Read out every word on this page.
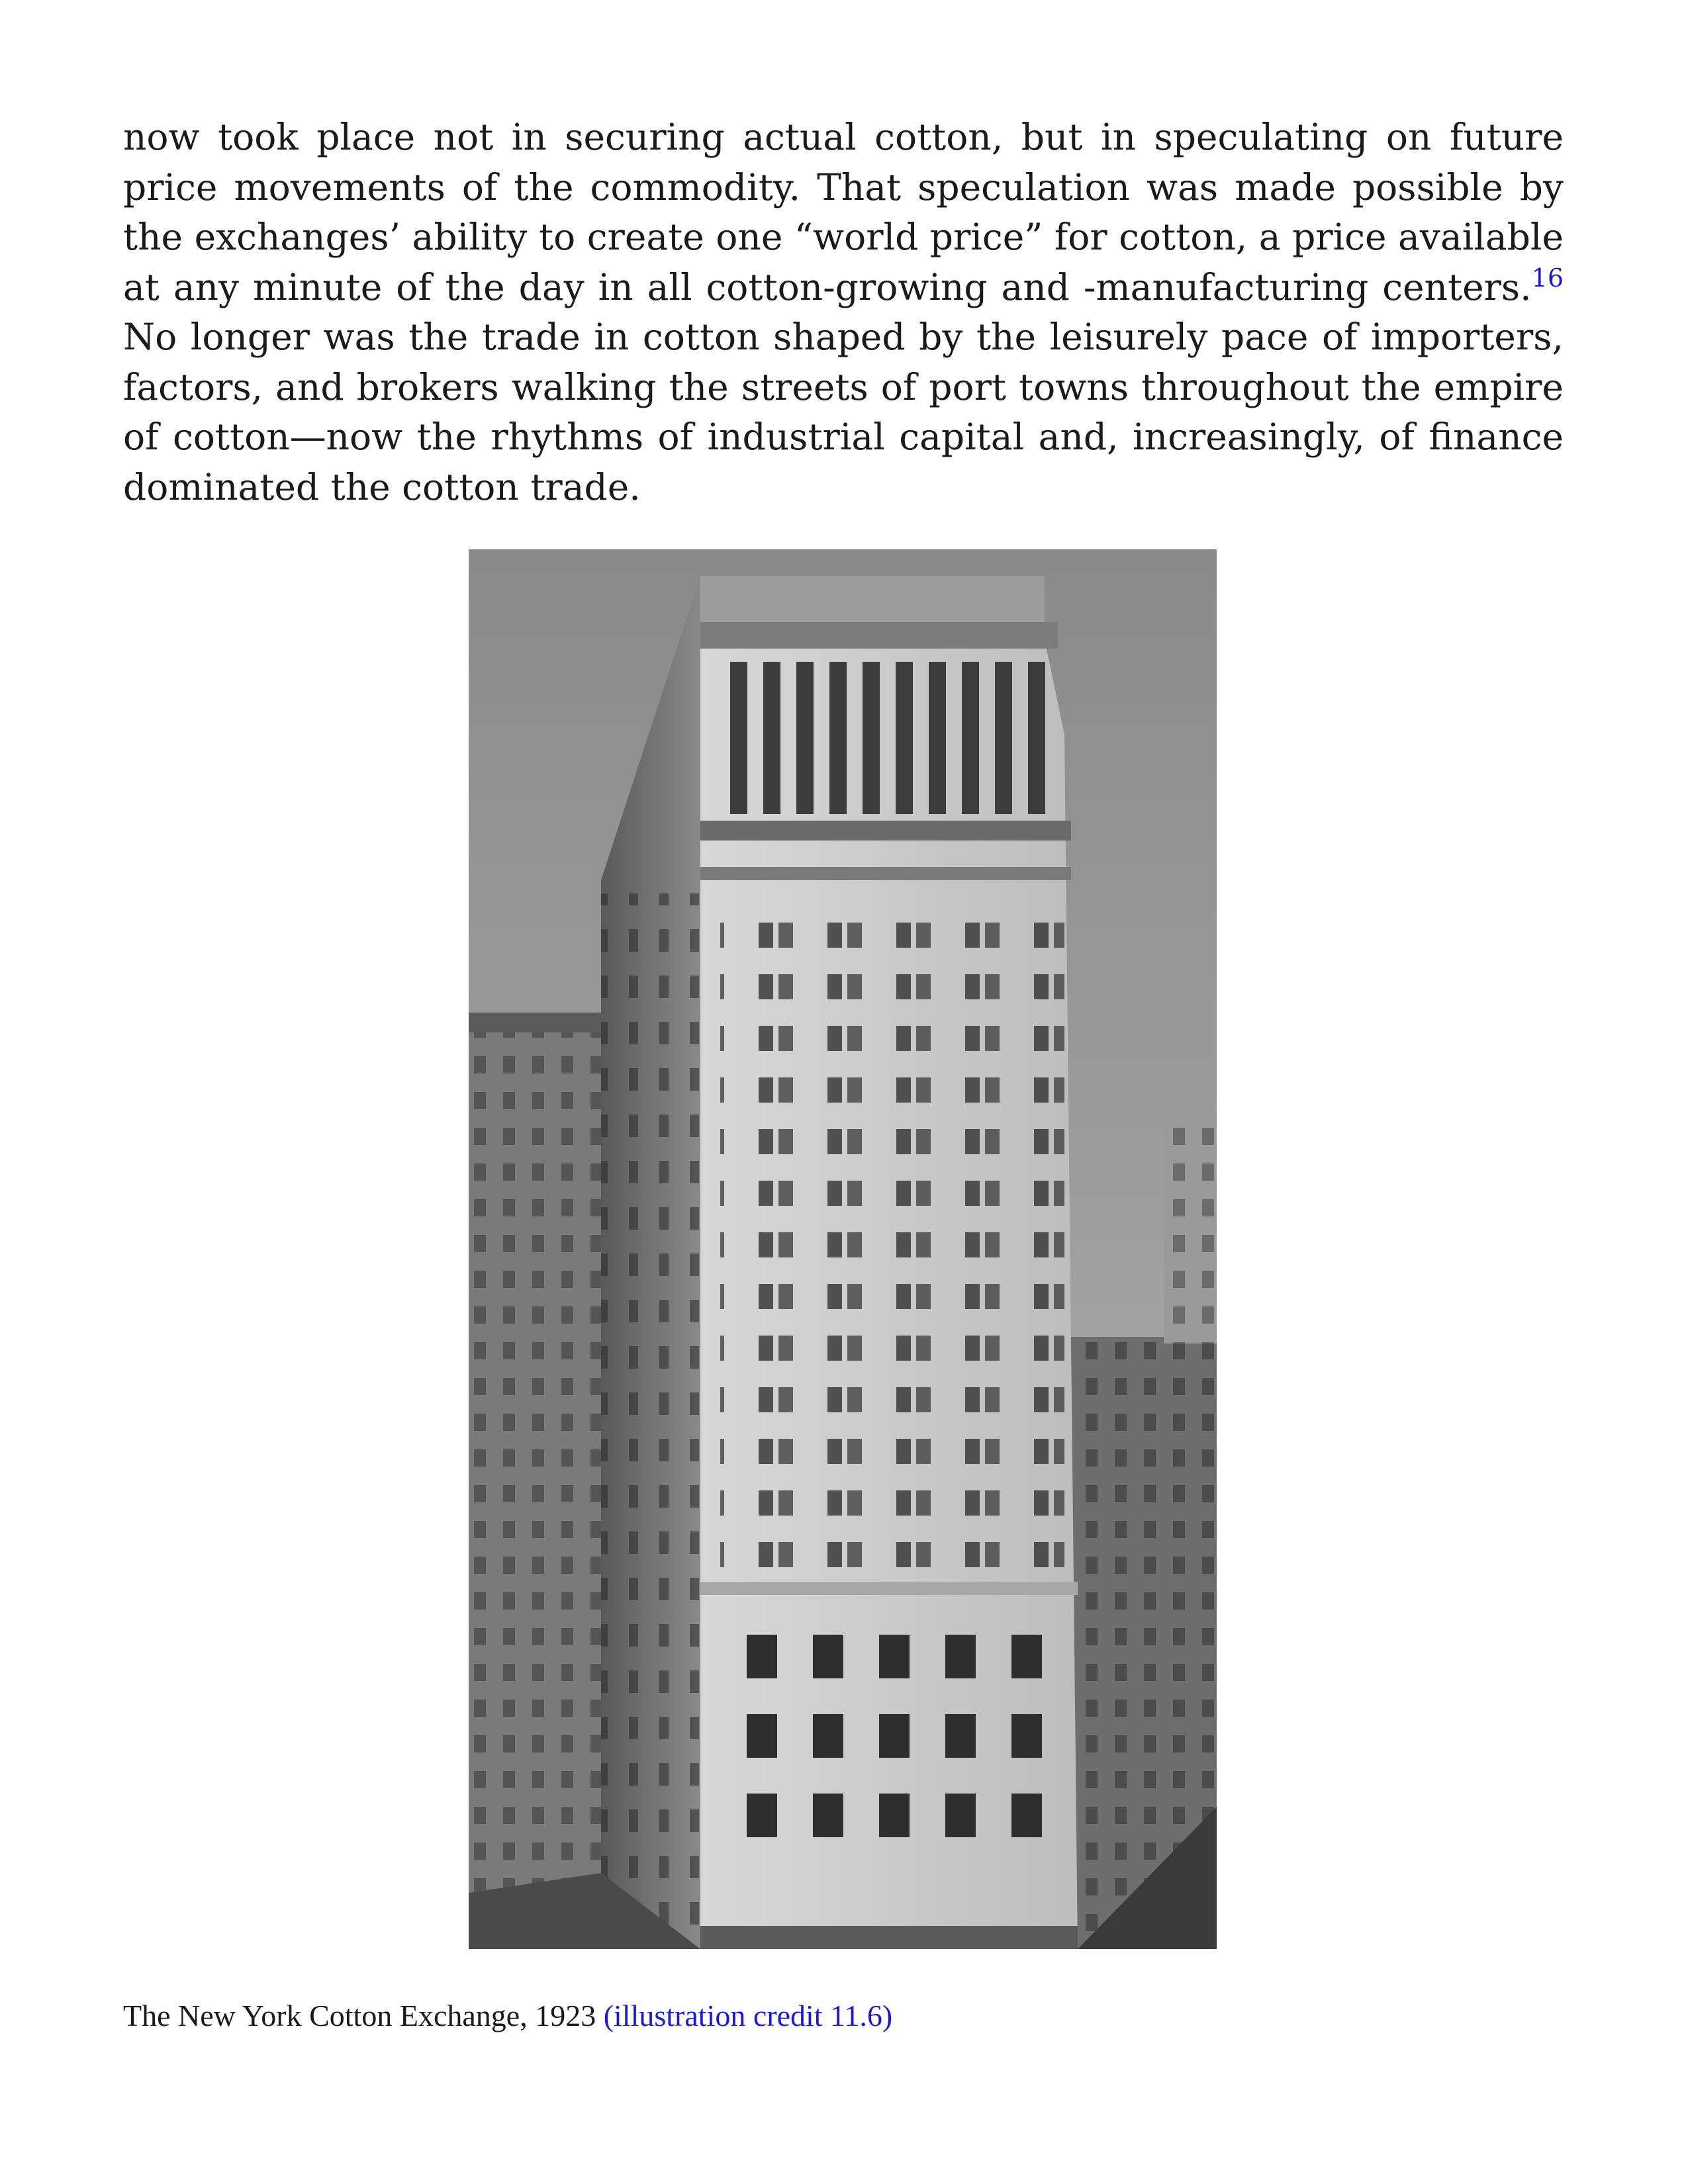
now took place not in securing actual cotton, but in speculating on future price movements of the commodity. That speculation was made possible by the exchanges’ ability to create one “world price” for cotton, a price available at any minute of the day in all cotton-growing and -manufacturing centers.$^{16}$ No longer was the trade in cotton shaped by the leisurely pace of importers, factors, and brokers walking the streets of port towns throughout the empire of cotton—now the rhythms of industrial capital and, increasingly, of finance dominated the cotton trade.

The New York Cotton Exchange, 1923 (illustration credit 11.6)
